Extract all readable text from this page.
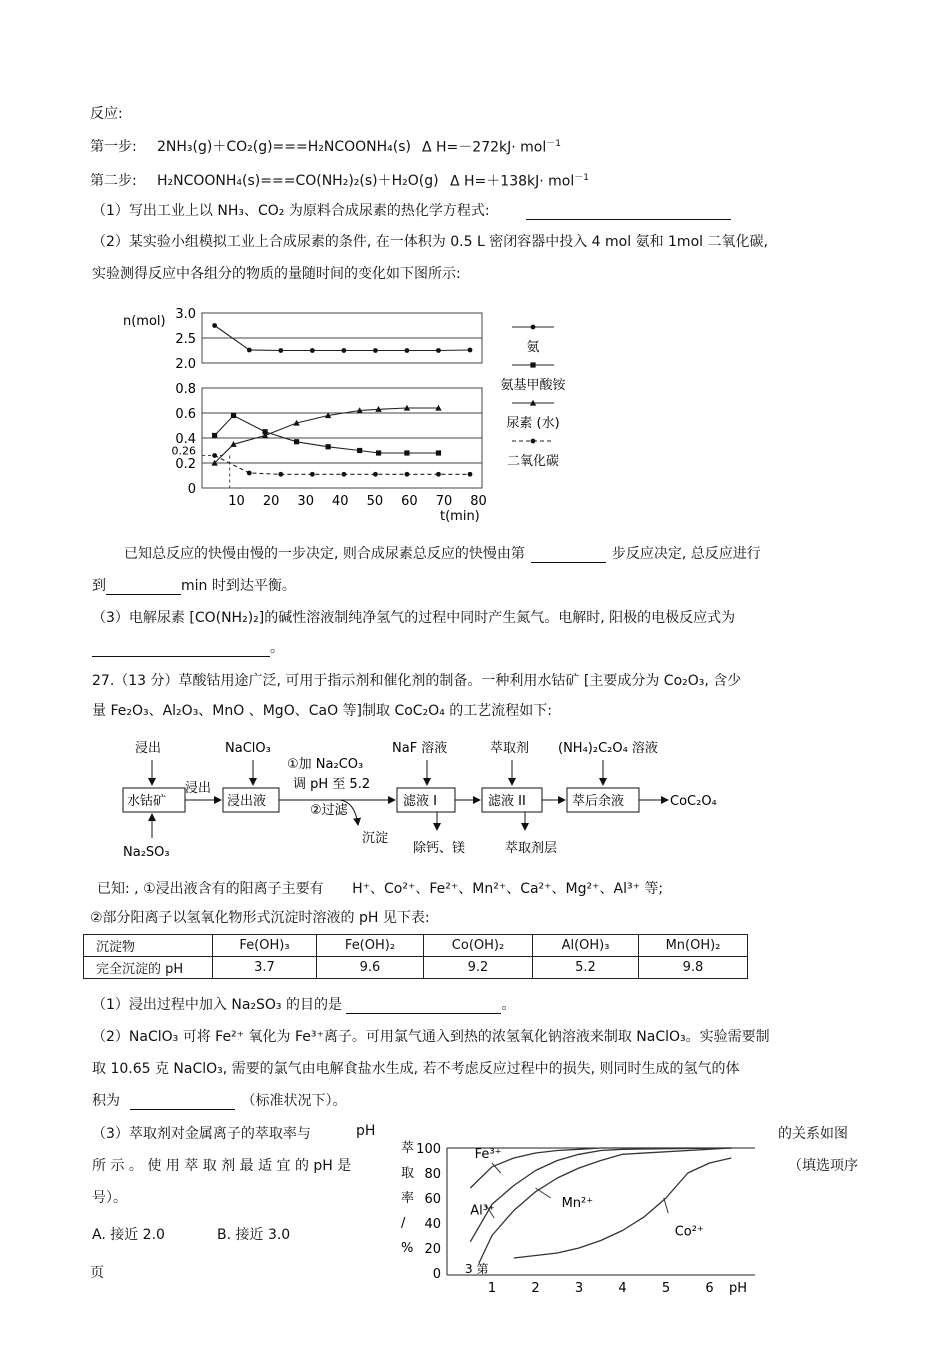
反应:
第一步: 2NH₃(g)＋CO₂(g)===H₂NCOONH₄(s) Δ H=－272kJ· mol$^{-1}$
第二步: H₂NCOONH₄(s)===CO(NH₂)₂(s)＋H₂O(g) Δ H=＋138kJ· mol$^{-1}$
（1）写出工业上以 NH₃、CO₂ 为原料合成尿素的热化学方程式:
（2）某实验小组模拟工业上合成尿素的条件, 在一体积为 0.5 L 密闭容器中投入 4 mol 氨和 1mol 二氧化碳,
实验测得反应中各组分的物质的量随时间的变化如下图所示:
n(mol) 3.0
2.5
2.0
0.8
0.6
0.4
0.26
0.2
0
10 20 30 40 50 60 70 80
氨
氨基甲酸铵
尿素 (水)
二氧化碳
t(min)
已知总反应的快慢由慢的一步决定, 则合成尿素总反应的快慢由第	步反应决定, 总反应进行
到	min 时到达平衡。
（3）电解尿素 [CO(NH₂)₂]的碱性溶液制纯净氢气的过程中同时产生氮气。电解时, 阳极的电极反应式为
。
27.（13 分）草酸钴用途广泛, 可用于指示剂和催化剂的制备。一种利用水钴矿 [主要成分为 Co₂O₃, 含少
量 Fe₂O₃、Al₂O₃、MnO 、MgO、CaO 等]制取 CoC₂O₄ 的工艺流程如下:
浸出	NaClO₃	NaF 溶液	萃取剂 (NH₄)₂C₂O₄ 溶液
水钴矿	浸出液	滤液 I	滤液 II	萃后余液
浸出
CoC₂O₄
①加 Na₂CO₃
调 pH 至 5.2
②过滤
沉淀
Na₂SO₃	除钙、镁	萃取剂层
已知: , ①浸出液含有的阳离子主要有 H⁺、Co²⁺、Fe²⁺、Mn²⁺、Ca²⁺、Mg²⁺、Al³⁺ 等;
②部分阳离子以氢氧化物形式沉淀时溶液的 pH 见下表:
沉淀物	Fe(OH)₃	Fe(OH)₂	Co(OH)₂	Al(OH)₃	Mn(OH)₂
完全沉淀的 pH	3.7	9.6	9.2	5.2	9.8
（1）浸出过程中加入 Na₂SO₃ 的目的是	。
（2）NaClO₃ 可将 Fe²⁺ 氧化为 Fe³⁺离子。可用氯气通入到热的浓氢氧化钠溶液来制取 NaClO₃。实验需要制
取 10.65 克 NaClO₃, 需要的氯气由电解食盐水生成, 若不考虑反应过程中的损失, 则同时生成的氢气的体
积为	（标准状况下）。
（3）萃取剂对金属离子的萃取率与	pH	的关系如图
所 示 。 使 用 萃 取 剂 最 适 宜 的 pH 是	（填选项序
号）。
A. 接近 2.0	B. 接近 3.0
页
萃
取
率
/
%
100
80
60
40
20
0
1	2	3	4	5	6
Fe³⁺
Al³⁺	Mn²⁺
Co²⁺
3 第
pH
